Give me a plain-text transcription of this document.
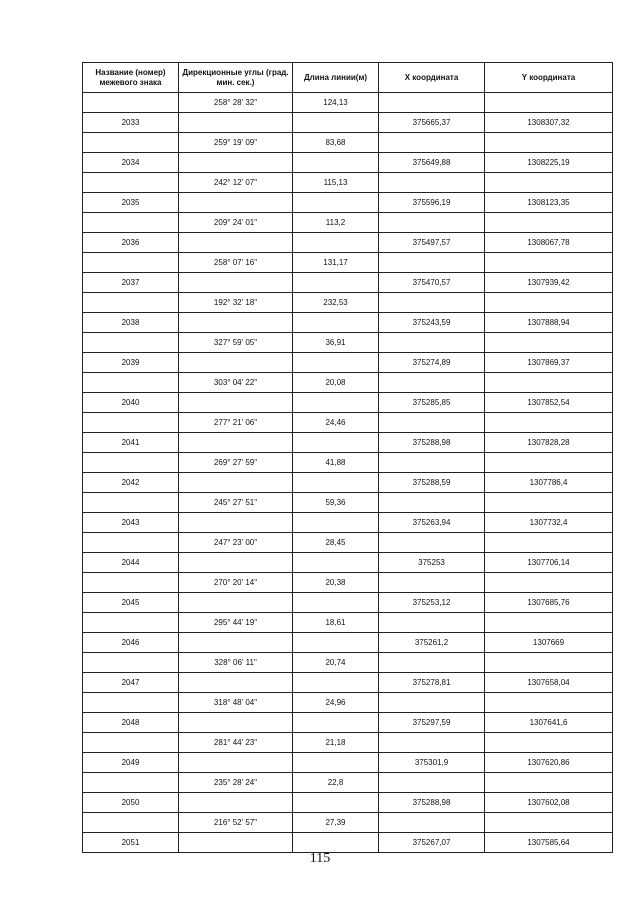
Название (номер) межевого знака	Дирекционные углы (град. мин. сек.)	Длина линии(м)	X координата	Y координата
	258° 28' 32"	124,13		
2033			375665,37	1308307,32
	259° 19' 09"	83,68		
2034			375649,88	1308225,19
	242° 12' 07"	115,13		
2035			375596,19	1308123,35
	209° 24' 01"	113,2		
2036			375497,57	1308067,78
	258° 07' 16"	131,17		
2037			375470,57	1307939,42
	192° 32' 18"	232,53		
2038			375243,59	1307888,94
	327° 59' 05"	36,91		
2039			375274,89	1307869,37
	303° 04' 22"	20,08		
2040			375285,85	1307852,54
	277° 21' 06"	24,46		
2041			375288,98	1307828,28
	269° 27' 59"	41,88		
2042			375288,59	1307786,4
	245° 27' 51"	59,36		
2043			375263,94	1307732,4
	247° 23' 00"	28,45		
2044			375253	1307706,14
	270° 20' 14"	20,38		
2045			375253,12	1307685,76
	295° 44' 19"	18,61		
2046			375261,2	1307669
	328° 06' 11"	20,74		
2047			375278,81	1307658,04
	318° 48' 04"	24,96		
2048			375297,59	1307641,6
	281° 44' 23"	21,18		
2049			375301,9	1307620,86
	235° 28' 24"	22,8		
2050			375288,98	1307602,08
	216° 52' 57"	27,39		
2051			375267,07	1307585,64
115
